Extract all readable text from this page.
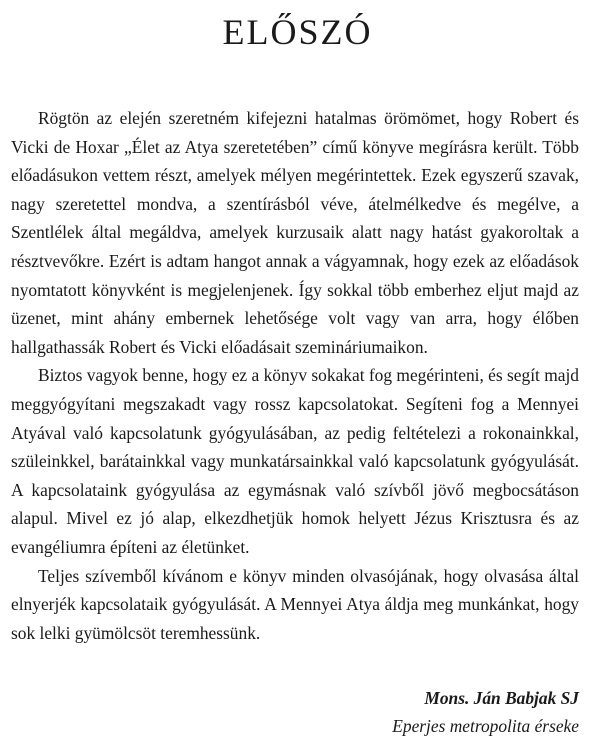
ELŐSZÓ

Rögtön az elején szeretném kifejezni hatalmas örömömet, hogy Robert és Vicki de Hoxar „Élet az Atya szeretetében” című könyve megírásra került. Több előadásukon vettem részt, amelyek mélyen megérintettek. Ezek egyszerű szavak, nagy szeretettel mondva, a szentírásból véve, átelmélkedve és megélve, a Szentlélek által megáldva, amelyek kurzusaik alatt nagy hatást gyakoroltak a résztvevőkre. Ezért is adtam hangot annak a vágyamnak, hogy ezek az előadások nyomtatott könyvként is megjelenjenek. Így sokkal több emberhez eljut majd az üzenet, mint ahány embernek lehetősége volt vagy van arra, hogy élőben hallgathassák Robert és Vicki előadásait szemináriumaikon.

Biztos vagyok benne, hogy ez a könyv sokakat fog megérinteni, és segít majd meggyógyítani megszakadt vagy rossz kapcsolatokat. Segíteni fog a Mennyei Atyával való kapcsolatunk gyógyulásában, az pedig feltételezi a rokonainkkal, szüleinkkel, barátainkkal vagy munkatársainkkal való kapcsolatunk gyógyulását. A kapcsolataink gyógyulása az egymásnak való szívből jövő megbocsátáson alapul. Mivel ez jó alap, elkezdhetjük homok helyett Jézus Krisztusra és az evangéliumra építeni az életünket.

Teljes szívemből kívánom e könyv minden olvasójának, hogy olvasása által elnyerjék kapcsolataik gyógyulását. A Mennyei Atya áldja meg munkánkat, hogy sok lelki gyümölcsöt teremhessünk.

Mons. Ján Babjak SJ
Eperjes metropolita érseke
